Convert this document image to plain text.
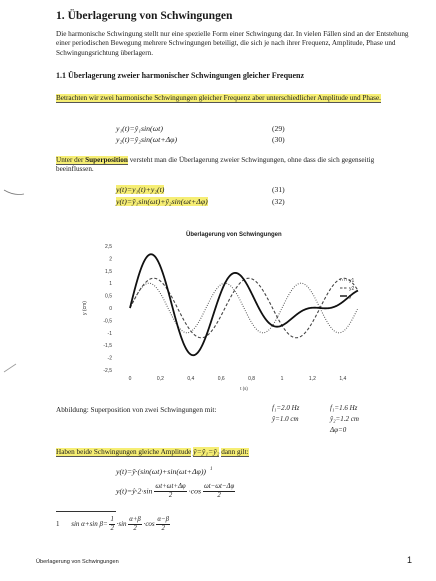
1. Überlagerung von Schwingungen
Die harmonische Schwingung stellt nur eine spezielle Form einer Schwingung dar. In vielen Fällen sind an der Entstehung einer periodischen Bewegung mehrere Schwingungen beteiligt, die sich je nach ihrer Frequenz, Amplitude, Phase und Schwingungsrichtung überlagern.
1.1 Überlagerung zweier harmonischer Schwingungen gleicher Frequenz
Betrachten wir zwei harmonische Schwingungen gleicher Frequenz aber unterschiedlicher Amplitude und Phase.
y₁(t)=ŷ₁sin(ωt)	(29)
y₂(t)=ŷ₂sin(ωt+Δφ)	(30)
Unter der Superposition versteht man die Überlagerung zweier Schwingungen, ohne dass die sich gegenseitig beeinflussen.
y(t)=y₁(t)+y₂(t)	(31)
y(t)=ŷ₁sin(ωt)+ŷ₂sin(ωt+Δφ)	(32)
Überlagerung von Schwingungen
2,5
2
1,5
1
0,5
0
-0,5
-1
-1,5
-2
-2,5
0	0,2	0,4	0,6	0,8	1	1,2	1,4
y (cm)
t (s)
y1
y2
y
Abbildung: Superposition von zwei Schwingungen mit:	f₁=2.0 Hz	f₁=1.6 Hz
ŷ=1.0 cm	ŷ₂=1.2 cm
Δφ=0
Haben beide Schwingungen gleiche Amplitude ŷ=ŷ₁=ŷ₂ dann gilt:
y(t)=ŷ·(sin(ωt)+sin(ωt+Δφ)) $^1$
y(t)=ŷ·2·sin $\frac{\omega t+\omega t+\Delta\varphi}{2} \cdot\cos \frac{\omega t-\omega t-\Delta\varphi}{2}$
1 sin α+sin $\beta= \frac{1}{2} \cdot\sin \frac{\alpha+\beta}{2} \cdot\cos \frac{\alpha-\beta}{2}$
Überlagerung von Schwingungen	1
